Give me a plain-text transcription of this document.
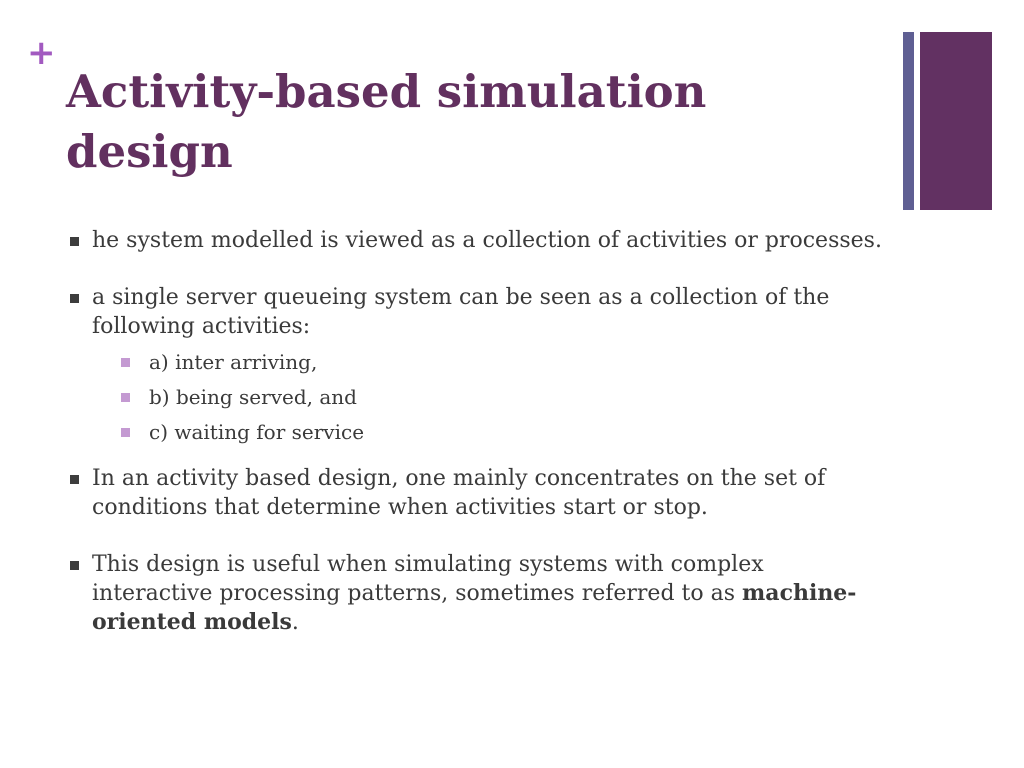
+
Activity-based simulation design
he system modelled is viewed as a collection of activities or processes.
a single server queueing system can be seen as a collection of the following activities:
a) inter arriving,
b) being served, and
c) waiting for service
In an activity based design, one mainly concentrates on the set of conditions that determine when activities start or stop.
This design is useful when simulating systems with complex interactive processing patterns, sometimes referred to as machine-oriented models.
